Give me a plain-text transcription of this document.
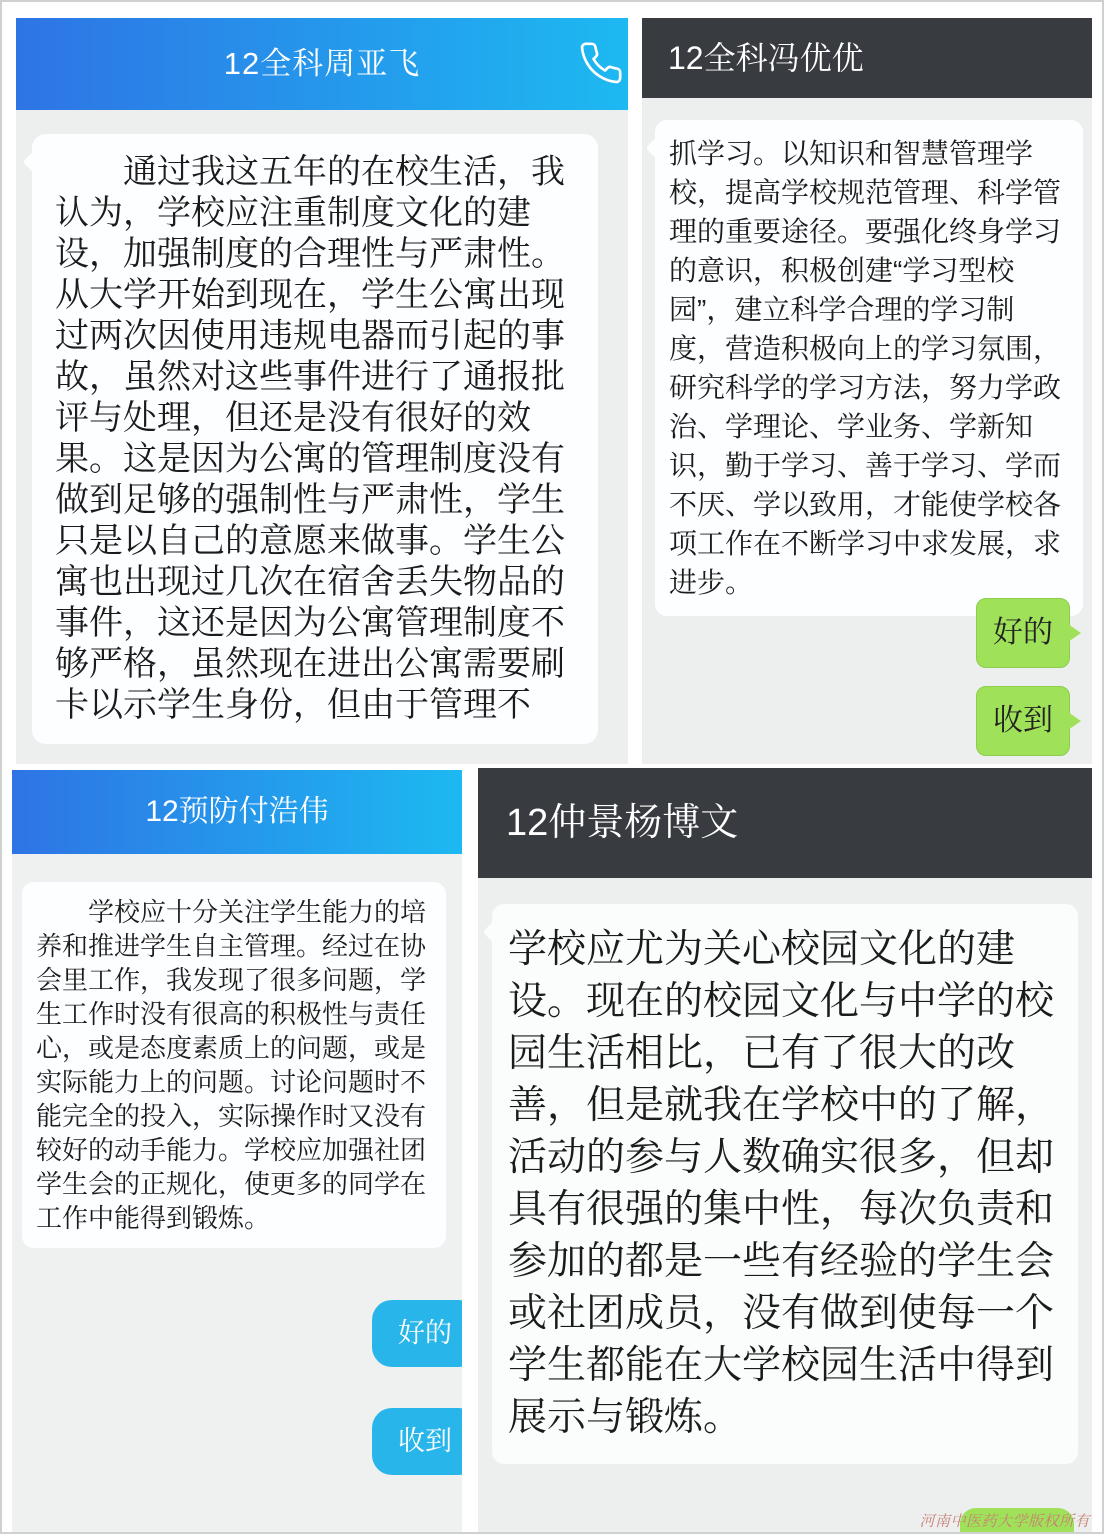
12全科周亚飞

通过我这五年的在校生活，我认为，学校应注重制度文化的建设，加强制度的合理性与严肃性。从大学开始到现在，学生公寓出现过两次因使用违规电器而引起的事故，虽然对这些事件进行了通报批评与处理，但还是没有很好的效果。这是因为公寓的管理制度没有做到足够的强制性与严肃性，学生只是以自己的意愿来做事。学生公寓也出现过几次在宿舍丢失物品的事件，这还是因为公寓管理制度不够严格，虽然现在进出公寓需要刷卡以示学生身份，但由于管理不

12全科冯优优

抓学习。以知识和智慧管理学校，提高学校规范管理、科学管理的重要途径。要强化终身学习的意识，积极创建“学习型校园”，建立科学合理的学习制度，营造积极向上的学习氛围，研究科学的学习方法，努力学政治、学理论、学业务、学新知识，勤于学习、善于学习、学而不厌、学以致用，才能使学校各项工作在不断学习中求发展，求进步。

好的
收到
12预防付浩伟

学校应十分关注学生能力的培养和推进学生自主管理。经过在协会里工作，我发现了很多问题，学生工作时没有很高的积极性与责任心，或是态度素质上的问题，或是实际能力上的问题。讨论问题时不能完全的投入，实际操作时又没有较好的动手能力。学校应加强社团学生会的正规化，使更多的同学在工作中能得到锻炼。

好的
收到
12仲景杨博文

学校应尤为关心校园文化的建设。现在的校园文化与中学的校园生活相比，已有了很大的改善，但是就我在学校中的了解，活动的参与人数确实很多，但却具有很强的集中性，每次负责和参加的都是一些有经验的学生会或社团成员，没有做到使每一个学生都能在大学校园生活中得到展示与锻炼。

河南中医药大学版权所有
